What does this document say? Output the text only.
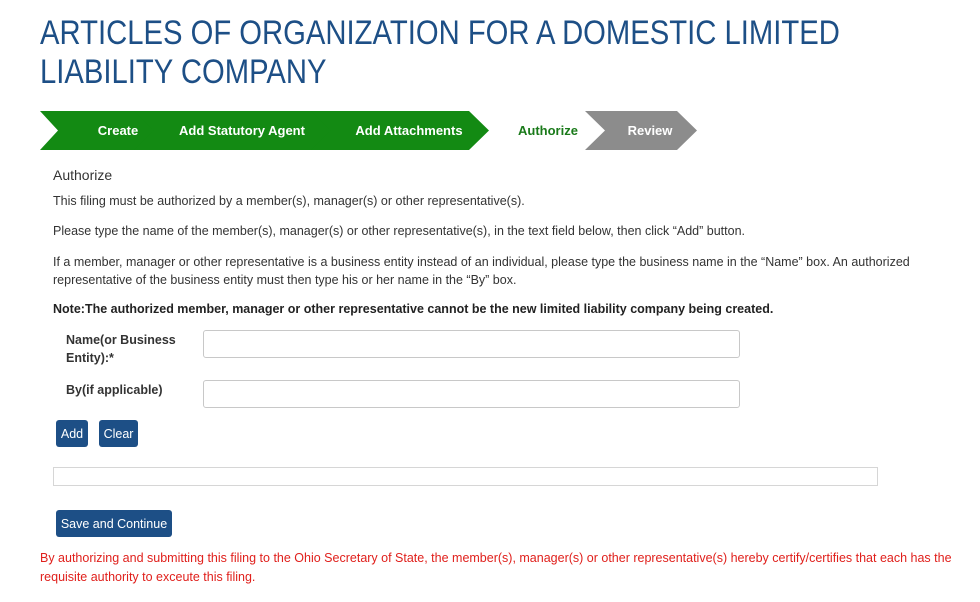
ARTICLES OF ORGANIZATION FOR A DOMESTIC LIMITED LIABILITY COMPANY
Create	Add Statutory Agent	Add Attachments	Authorize	Review
Authorize
This filing must be authorized by a member(s), manager(s) or other representative(s).
Please type the name of the member(s), manager(s) or other representative(s), in the text field below, then click “Add” button.
If a member, manager or other representative is a business entity instead of an individual, please type the business name in the “Name” box. An authorized representative of the business entity must then type his or her name in the “By” box.
Note:The authorized member, manager or other representative cannot be the new limited liability company being created.
Name(or Business Entity):*
By(if applicable)
Add	Clear
Save and Continue
By authorizing and submitting this filing to the Ohio Secretary of State, the member(s), manager(s) or other representative(s) hereby certify/certifies that each has the requisite authority to exceute this filing.
